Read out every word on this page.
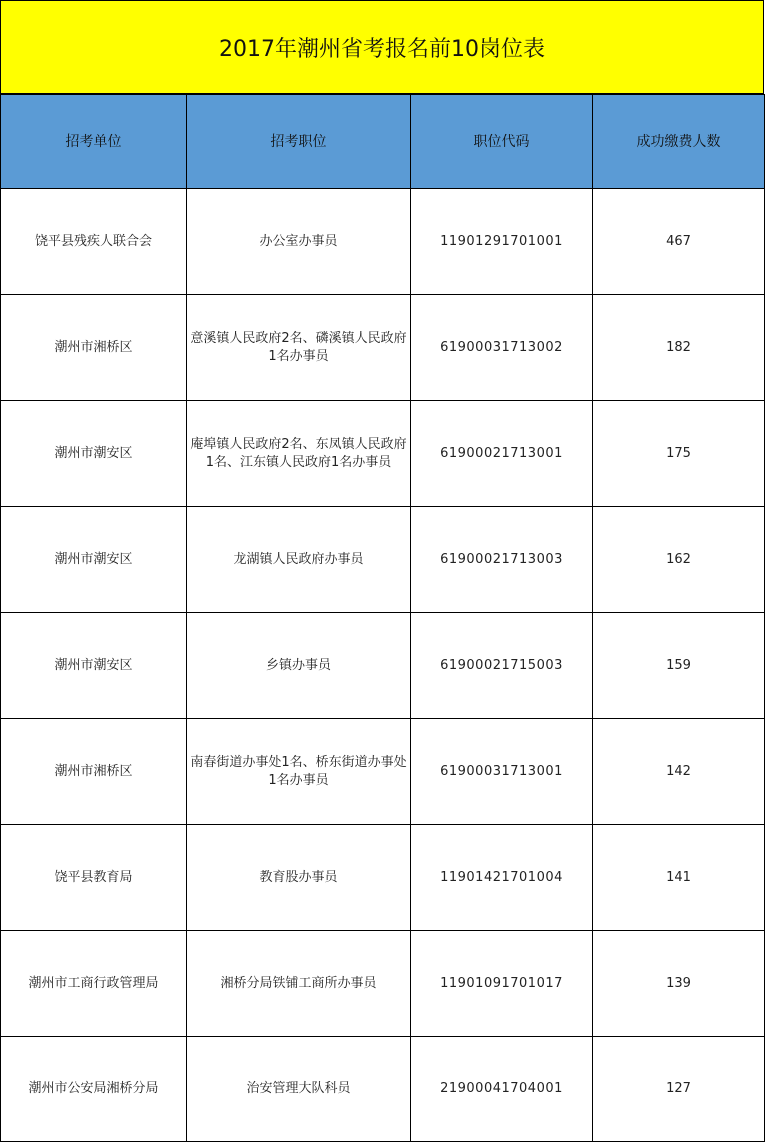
2017年潮州省考报名前10岗位表
招考单位	招考职位	职位代码	成功缴费人数
饶平县残疾人联合会	办公室办事员	11901291701001	467
潮州市湘桥区	意溪镇人民政府2名、磷溪镇人民政府1名办事员	61900031713002	182
潮州市潮安区	庵埠镇人民政府2名、东凤镇人民政府1名、江东镇人民政府1名办事员	61900021713001	175
潮州市潮安区	龙湖镇人民政府办事员	61900021713003	162
潮州市潮安区	乡镇办事员	61900021715003	159
潮州市湘桥区	南春街道办事处1名、桥东街道办事处1名办事员	61900031713001	142
饶平县教育局	教育股办事员	11901421701004	141
潮州市工商行政管理局	湘桥分局铁铺工商所办事员	11901091701017	139
潮州市公安局湘桥分局	治安管理大队科员	21900041704001	127
